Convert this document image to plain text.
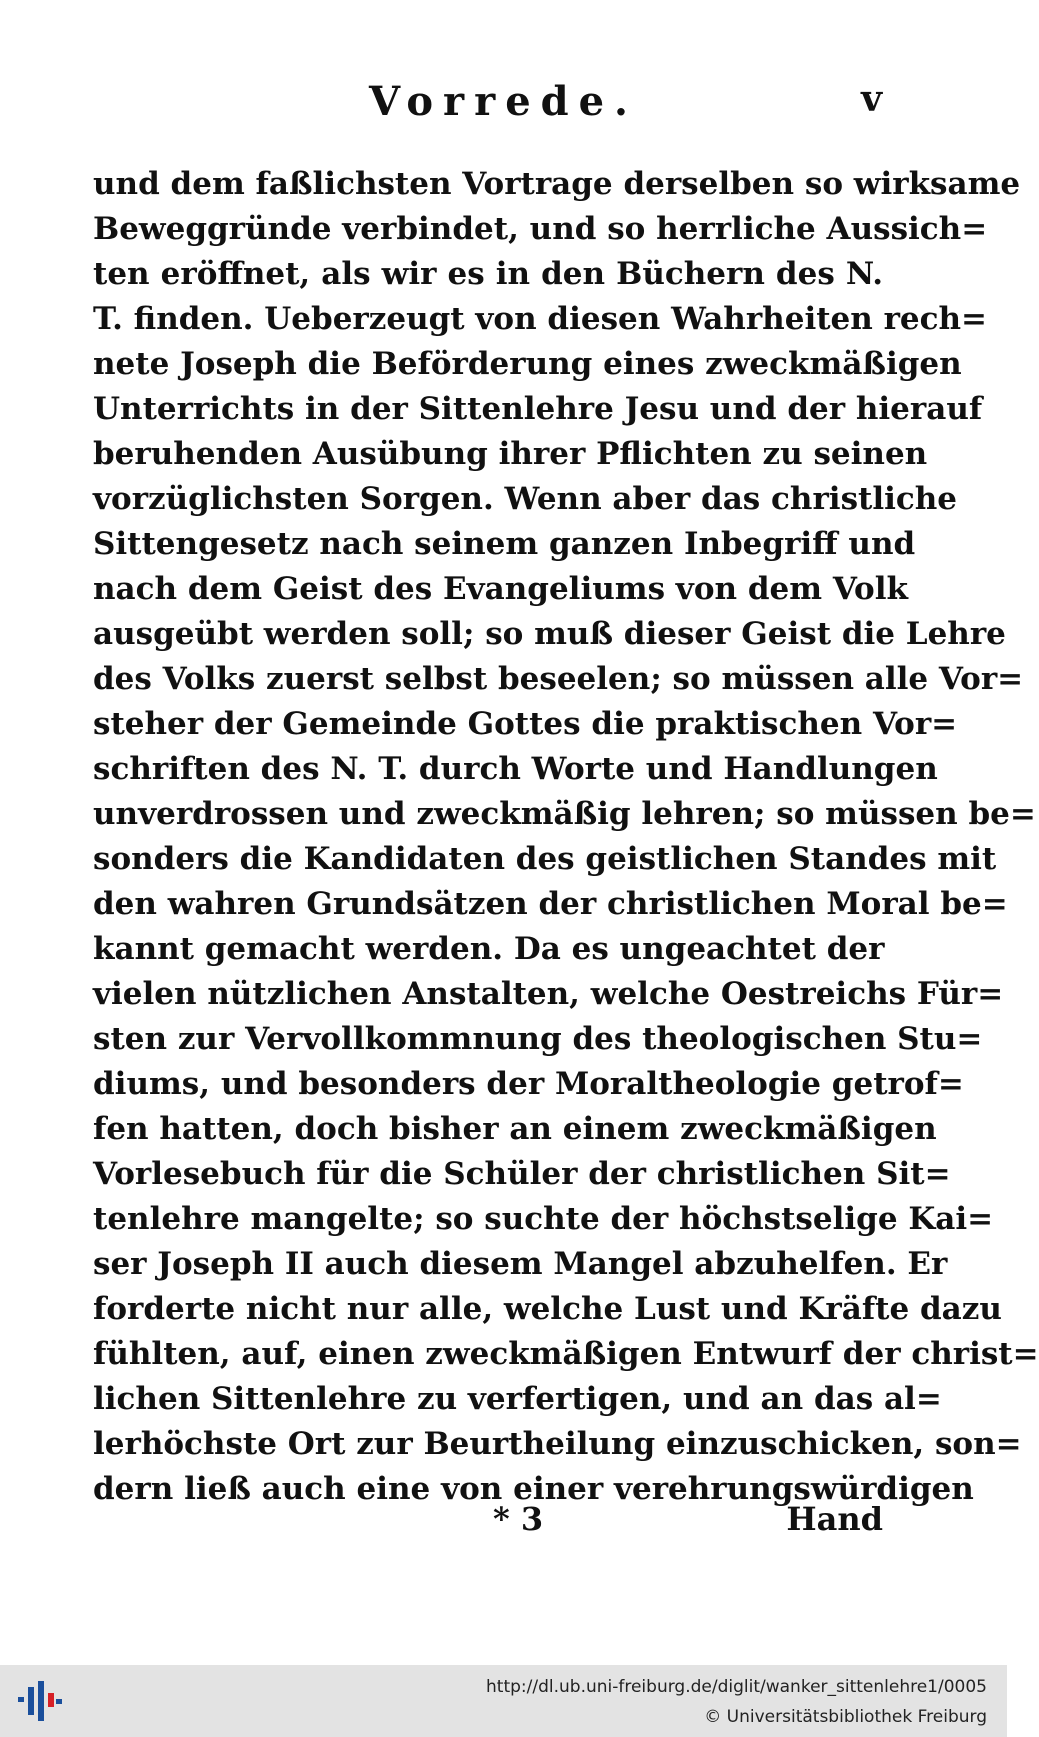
Vorrede.	v
und dem faßlichsten Vortrage derselben so wirksame
Beweggründe verbindet, und so herrliche Aussich=
ten eröffnet, als wir es in den Büchern des N.
T. finden. Ueberzeugt von diesen Wahrheiten rech=
nete Joseph die Beförderung eines zweckmäßigen
Unterrichts in der Sittenlehre Jesu und der hierauf
beruhenden Ausübung ihrer Pflichten zu seinen
vorzüglichsten Sorgen. Wenn aber das christliche
Sittengesetz nach seinem ganzen Inbegriff und
nach dem Geist des Evangeliums von dem Volk
ausgeübt werden soll; so muß dieser Geist die Lehre
des Volks zuerst selbst beseelen; so müssen alle Vor=
steher der Gemeinde Gottes die praktischen Vor=
schriften des N. T. durch Worte und Handlungen
unverdrossen und zweckmäßig lehren; so müssen be=
sonders die Kandidaten des geistlichen Standes mit
den wahren Grundsätzen der christlichen Moral be=
kannt gemacht werden. Da es ungeachtet der
vielen nützlichen Anstalten, welche Oestreichs Für=
sten zur Vervollkommnung des theologischen Stu=
diums, und besonders der Moraltheologie getrof=
fen hatten, doch bisher an einem zweckmäßigen
Vorlesebuch für die Schüler der christlichen Sit=
tenlehre mangelte; so suchte der höchstselige Kai=
ser Joseph II auch diesem Mangel abzuhelfen. Er
forderte nicht nur alle, welche Lust und Kräfte dazu
fühlten, auf, einen zweckmäßigen Entwurf der christ=
lichen Sittenlehre zu verfertigen, und an das al=
lerhöchste Ort zur Beurtheilung einzuschicken, son=
dern ließ auch eine von einer verehrungswürdigen
* 3	Hand
http://dl.ub.uni-freiburg.de/diglit/wanker_sittenlehre1/0005
© Universitätsbibliothek Freiburg
